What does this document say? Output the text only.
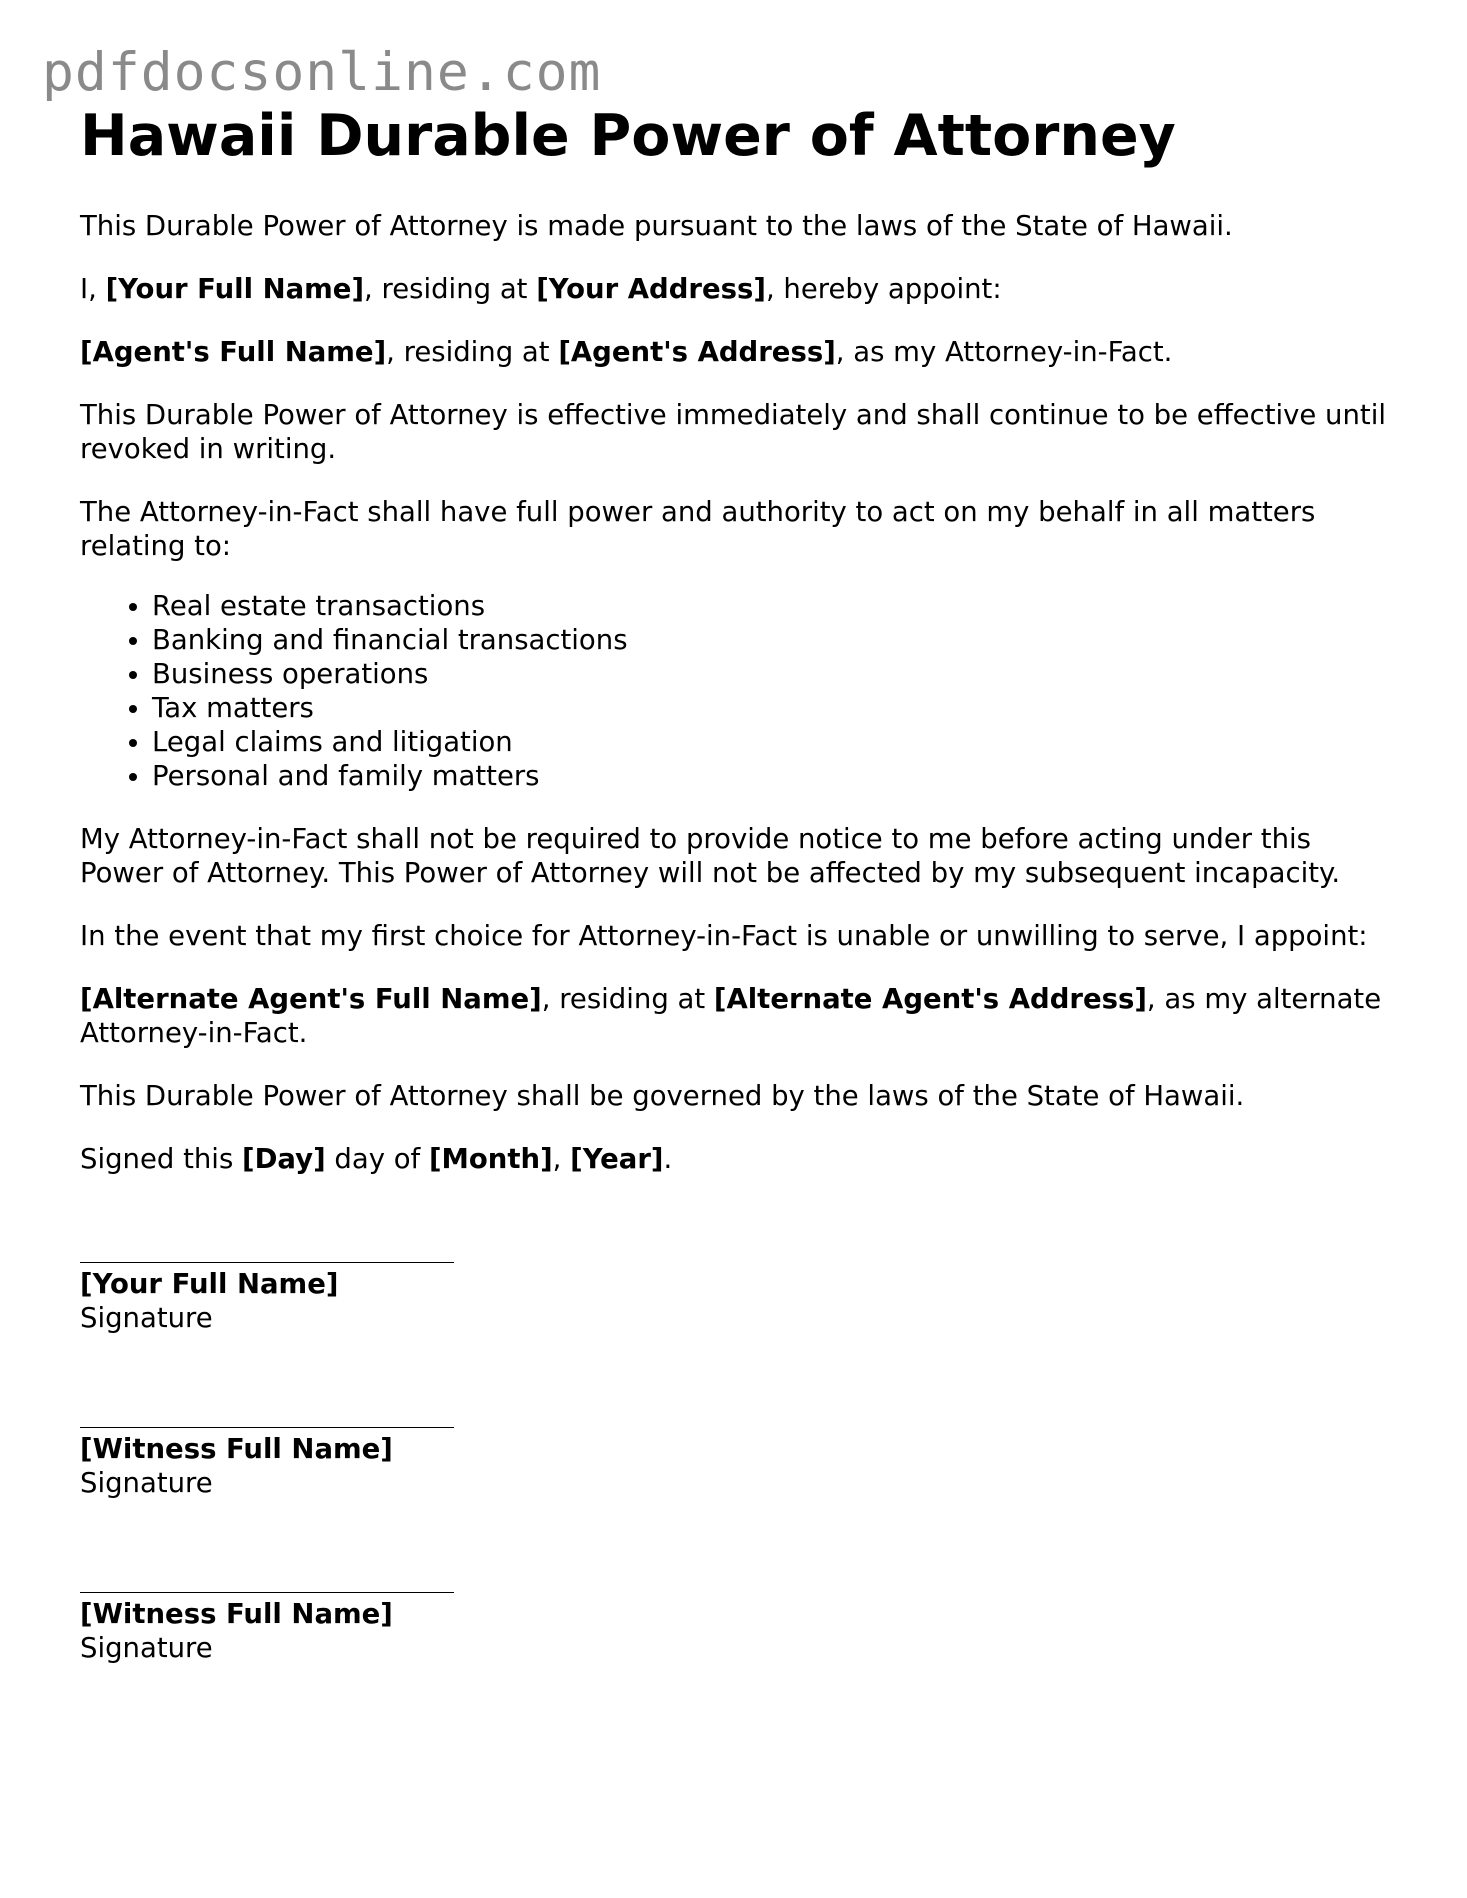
pdfdocsonline.com
Hawaii Durable Power of Attorney

This Durable Power of Attorney is made pursuant to the laws of the State of Hawaii.

I, [Your Full Name], residing at [Your Address], hereby appoint:

[Agent's Full Name], residing at [Agent's Address], as my Attorney-in-Fact.

This Durable Power of Attorney is effective immediately and shall continue to be effective until revoked in writing.

The Attorney-in-Fact shall have full power and authority to act on my behalf in all matters relating to:

• Real estate transactions
• Banking and financial transactions
• Business operations
• Tax matters
• Legal claims and litigation
• Personal and family matters

My Attorney-in-Fact shall not be required to provide notice to me before acting under this Power of Attorney. This Power of Attorney will not be affected by my subsequent incapacity.

In the event that my first choice for Attorney-in-Fact is unable or unwilling to serve, I appoint:

[Alternate Agent's Full Name], residing at [Alternate Agent's Address], as my alternate Attorney-in-Fact.

This Durable Power of Attorney shall be governed by the laws of the State of Hawaii.

Signed this [Day] day of [Month], [Year].

[Your Full Name]
Signature
[Witness Full Name]
Signature
[Witness Full Name]
Signature
